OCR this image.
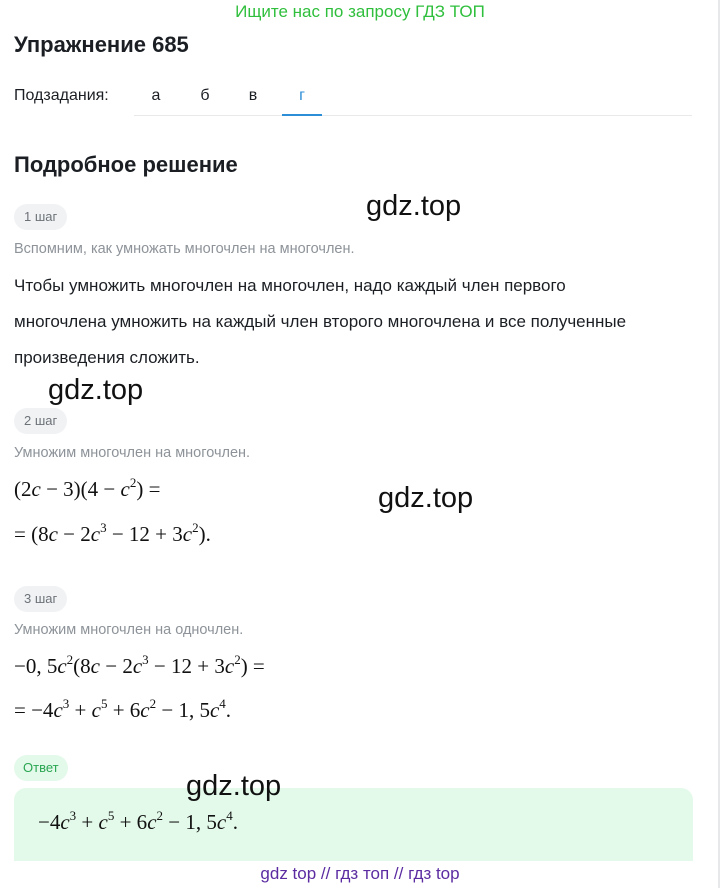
Ищите нас по запросу ГДЗ ТОП
Упражнение 685
Подзадания:	а	б	в	г
Подробное решение
1 шаг
Вспомним, как умножать многочлен на многочлен.
Чтобы умножить многочлен на многочлен, надо каждый член первого
многочлена умножить на каждый член второго многочлена и все полученные
произведения сложить.
2 шаг
Умножим многочлен на многочлен.
$(2c - 3)(4 - c^2)$ =
= $(8c - 2c^3 - 12 + 3c^2)$.
3 шаг
Умножим многочлен на одночлен.
−0, $5c^2(8c - 2c^3 - 12 + 3c^2)$ =
= $-4c^3 + c^5 + 6c^2 - 1$, $5c^4$.
Ответ
$-4c^3 + c^5 + 6c^2 - 1$, $5c^4$.
gdz.top
gdz.top
gdz.top
gdz.top
gdz top // гдз топ // гдз top
